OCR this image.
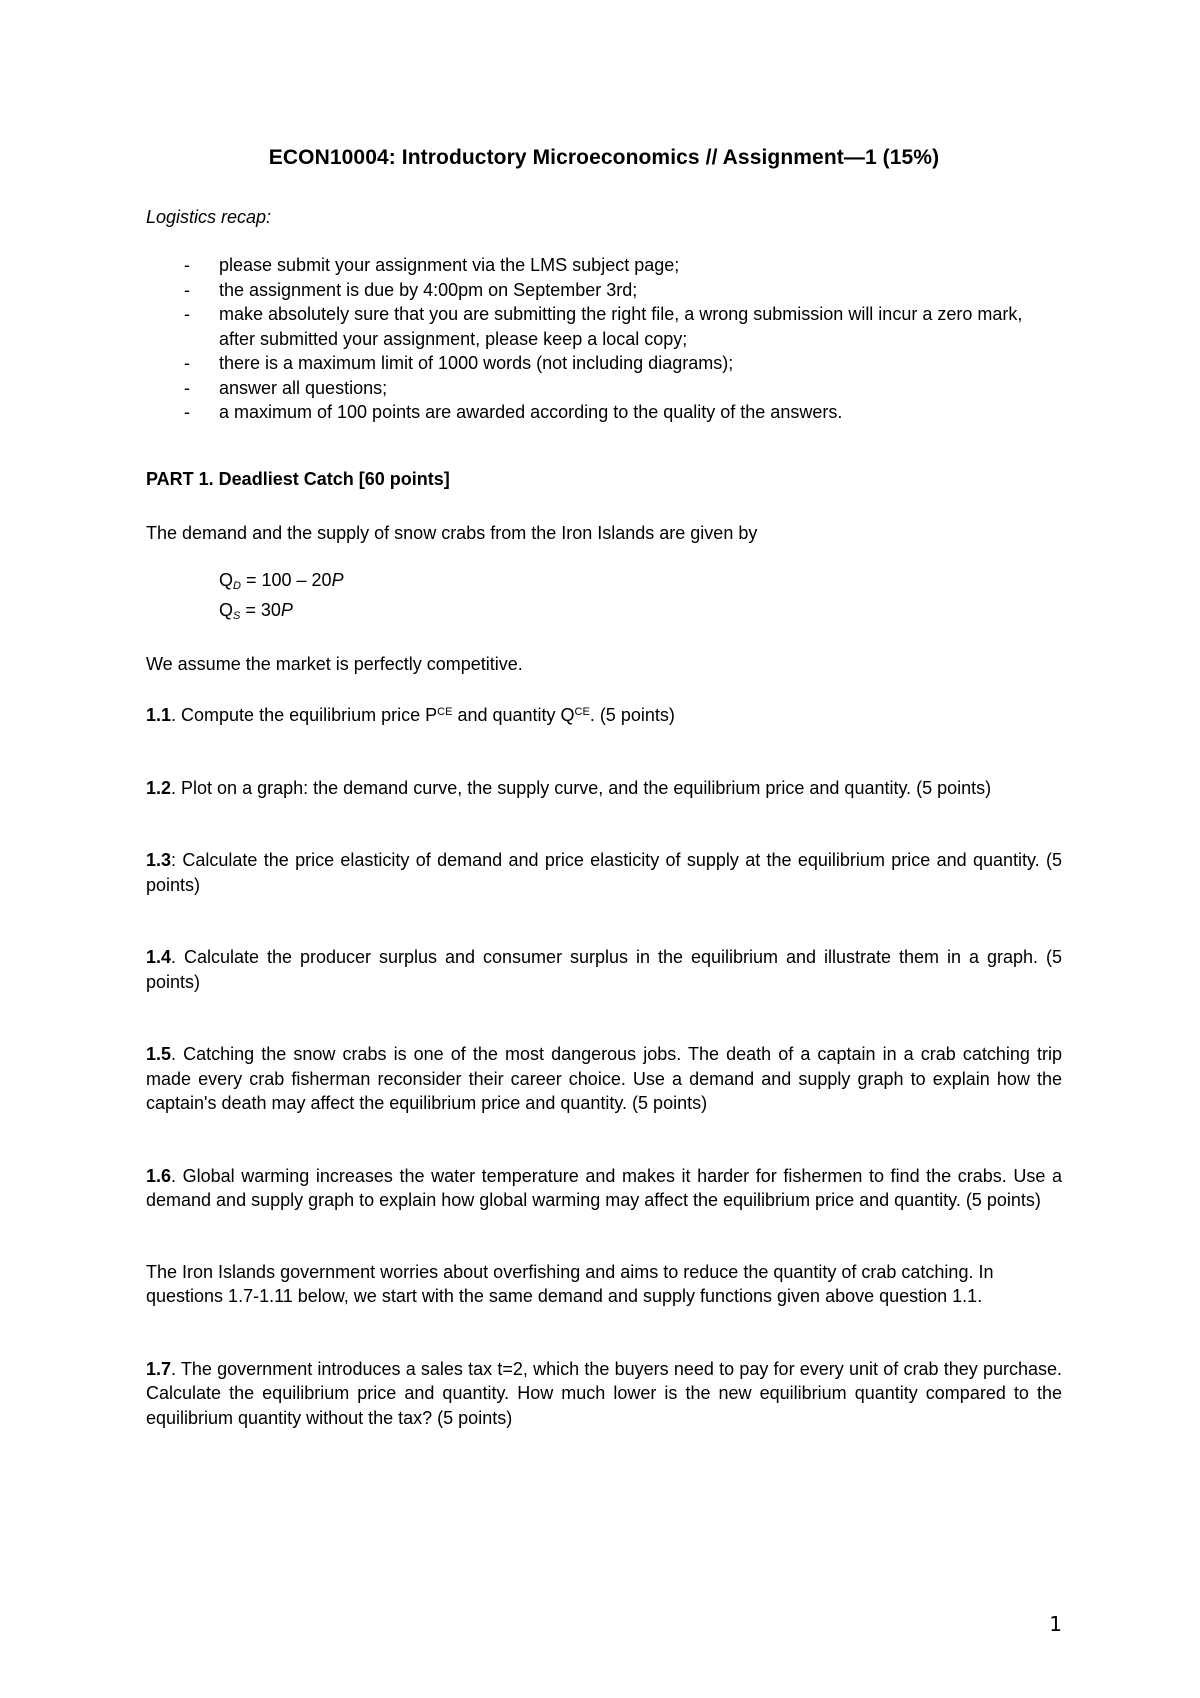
ECON10004: Introductory Microeconomics // Assignment—1 (15%)
Logistics recap:
- please submit your assignment via the LMS subject page;
- the assignment is due by 4:00pm on September 3rd;
- make absolutely sure that you are submitting the right file, a wrong submission will incur a zero mark, after submitted your assignment, please keep a local copy;
- there is a maximum limit of 1000 words (not including diagrams);
- answer all questions;
- a maximum of 100 points are awarded according to the quality of the answers.
PART 1. Deadliest Catch [60 points]

The demand and the supply of snow crabs from the Iron Islands are given by

$Q_D = 100 - 20P$
$Q_S = 30P$

We assume the market is perfectly competitive.

1.1. Compute the equilibrium price $P^{CE}$ and quantity $Q^{CE}$. (5 points)

1.2. Plot on a graph: the demand curve, the supply curve, and the equilibrium price and quantity. (5 points)

1.3: Calculate the price elasticity of demand and price elasticity of supply at the equilibrium price and quantity. (5 points)

1.4. Calculate the producer surplus and consumer surplus in the equilibrium and illustrate them in a graph. (5 points)

1.5. Catching the snow crabs is one of the most dangerous jobs. The death of a captain in a crab catching trip made every crab fisherman reconsider their career choice. Use a demand and supply graph to explain how the captain's death may affect the equilibrium price and quantity. (5 points)

1.6. Global warming increases the water temperature and makes it harder for fishermen to find the crabs. Use a demand and supply graph to explain how global warming may affect the equilibrium price and quantity. (5 points)

The Iron Islands government worries about overfishing and aims to reduce the quantity of crab catching. In questions 1.7-1.11 below, we start with the same demand and supply functions given above question 1.1.

1.7. The government introduces a sales tax t=2, which the buyers need to pay for every unit of crab they purchase. Calculate the equilibrium price and quantity. How much lower is the new equilibrium quantity compared to the equilibrium quantity without the tax? (5 points)

1
